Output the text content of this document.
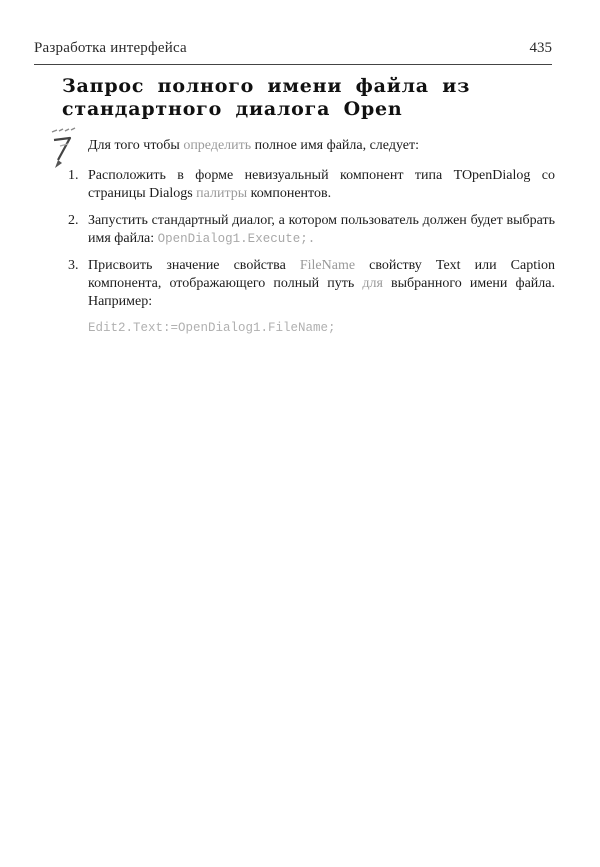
Разработка интерфейса	435
Запрос полного имени файла из стандартного диалога Open

Для того чтобы определить полное имя файла, следует:

1. Расположить в форме невизуальный компонент типа TOpenDialog со страницы Dialogs палитры компонентов.
2. Запустить стандартный диалог, а котором пользователь должен будет выбрать имя файла: OpenDialog1.Execute;.
3. Присвоить значение свойства FileName свойству Text или Caption компонента, отображающего полный путь для выбранного имени файла. Например:
Edit2.Text:=OpenDialog1.FileName;
